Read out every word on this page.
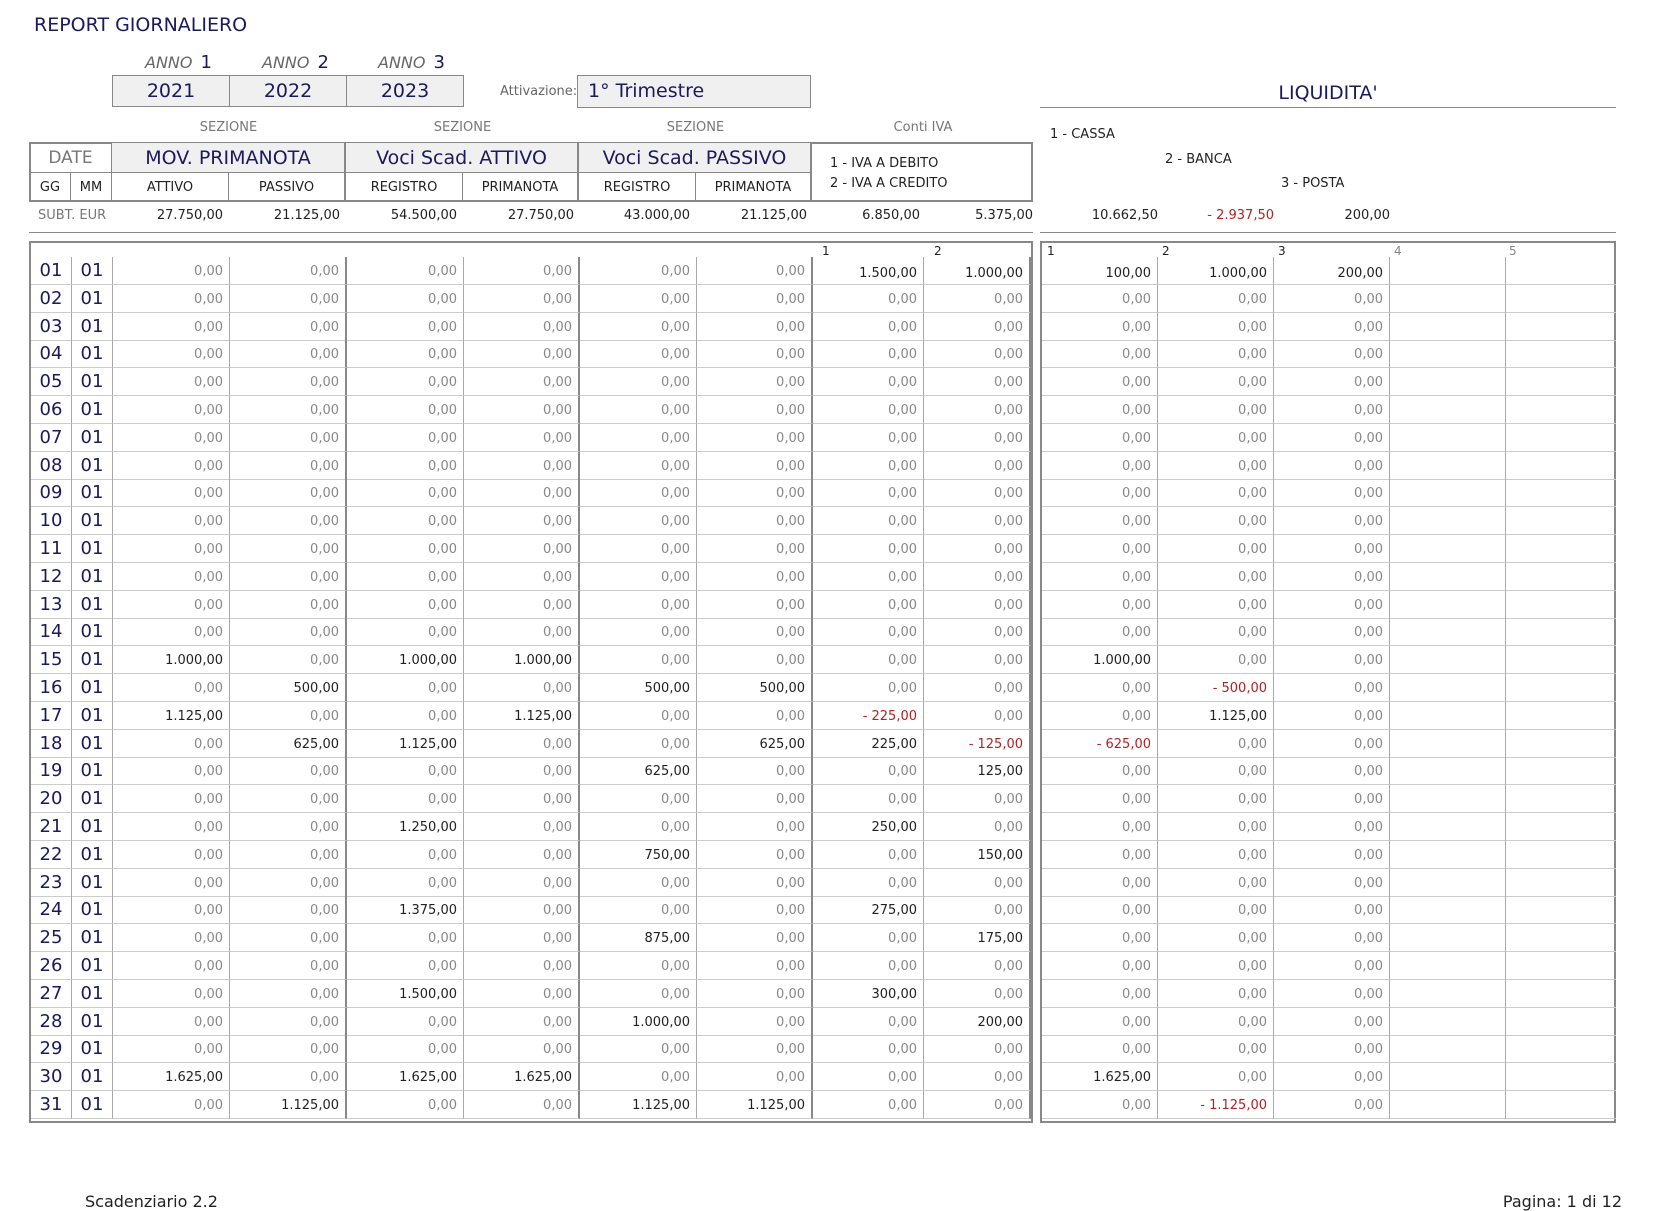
REPORT GIORNALIERO
ANNO 1	ANNO 2	ANNO 3
2021	2022	2023	Attivazione: 1° Trimestre	LIQUIDITA'
SEZIONE	SEZIONE	SEZIONE	Conti IVA
DATE
GG	MM
MOV. PRIMANOTA	Voci Scad. ATTIVO	Voci Scad. PASSIVO
ATTIVO	PASSIVO	REGISTRO	PRIMANOTA	REGISTRO	PRIMANOTA
1 - IVA A DEBITO
2 - IVA A CREDITO
1 - CASSA
2 - BANCA
3 - POSTA
SUBT. EUR	27.750,00	21.125,00	54.500,00	27.750,00	43.000,00	21.125,00	6.850,00	5.375,00	10.662,50	- 2.937,50	200,00
1	2
01	01	0,00	0,00	0,00	0,00	0,00	0,00	1.500,00	1.000,00
02	01	0,00	0,00	0,00	0,00	0,00	0,00	0,00	0,00
03	01	0,00	0,00	0,00	0,00	0,00	0,00	0,00	0,00
04	01	0,00	0,00	0,00	0,00	0,00	0,00	0,00	0,00
05	01	0,00	0,00	0,00	0,00	0,00	0,00	0,00	0,00
06	01	0,00	0,00	0,00	0,00	0,00	0,00	0,00	0,00
07	01	0,00	0,00	0,00	0,00	0,00	0,00	0,00	0,00
08	01	0,00	0,00	0,00	0,00	0,00	0,00	0,00	0,00
09	01	0,00	0,00	0,00	0,00	0,00	0,00	0,00	0,00
10	01	0,00	0,00	0,00	0,00	0,00	0,00	0,00	0,00
11	01	0,00	0,00	0,00	0,00	0,00	0,00	0,00	0,00
12	01	0,00	0,00	0,00	0,00	0,00	0,00	0,00	0,00
13	01	0,00	0,00	0,00	0,00	0,00	0,00	0,00	0,00
14	01	0,00	0,00	0,00	0,00	0,00	0,00	0,00	0,00
15	01	1.000,00	0,00	1.000,00	1.000,00	0,00	0,00	0,00	0,00
16	01	0,00	500,00	0,00	0,00	500,00	500,00	0,00	0,00
17	01	1.125,00	0,00	0,00	1.125,00	0,00	0,00	- 225,00	0,00
18	01	0,00	625,00	1.125,00	0,00	0,00	625,00	225,00	- 125,00
19	01	0,00	0,00	0,00	0,00	625,00	0,00	0,00	125,00
20	01	0,00	0,00	0,00	0,00	0,00	0,00	0,00	0,00
21	01	0,00	0,00	1.250,00	0,00	0,00	0,00	250,00	0,00
22	01	0,00	0,00	0,00	0,00	750,00	0,00	0,00	150,00
23	01	0,00	0,00	0,00	0,00	0,00	0,00	0,00	0,00
24	01	0,00	0,00	1.375,00	0,00	0,00	0,00	275,00	0,00
25	01	0,00	0,00	0,00	0,00	875,00	0,00	0,00	175,00
26	01	0,00	0,00	0,00	0,00	0,00	0,00	0,00	0,00
27	01	0,00	0,00	1.500,00	0,00	0,00	0,00	300,00	0,00
28	01	0,00	0,00	0,00	0,00	1.000,00	0,00	0,00	200,00
29	01	0,00	0,00	0,00	0,00	0,00	0,00	0,00	0,00
30	01	1.625,00	0,00	1.625,00	1.625,00	0,00	0,00	0,00	0,00
31	01	0,00	1.125,00	0,00	0,00	1.125,00	1.125,00	0,00	0,00
1	2	3	4	5
100,00	1.000,00	200,00
0,00	0,00	0,00
0,00	0,00	0,00
0,00	0,00	0,00
0,00	0,00	0,00
0,00	0,00	0,00
0,00	0,00	0,00
0,00	0,00	0,00
0,00	0,00	0,00
0,00	0,00	0,00
0,00	0,00	0,00
0,00	0,00	0,00
0,00	0,00	0,00
0,00	0,00	0,00
1.000,00	0,00	0,00
0,00	- 500,00	0,00
0,00	1.125,00	0,00
- 625,00	0,00	0,00
0,00	0,00	0,00
0,00	0,00	0,00
0,00	0,00	0,00
0,00	0,00	0,00
0,00	0,00	0,00
0,00	0,00	0,00
0,00	0,00	0,00
0,00	0,00	0,00
0,00	0,00	0,00
0,00	0,00	0,00
0,00	0,00	0,00
1.625,00	0,00	0,00
0,00	- 1.125,00	0,00
Scadenziario 2.2	Pagina: 1 di 12
